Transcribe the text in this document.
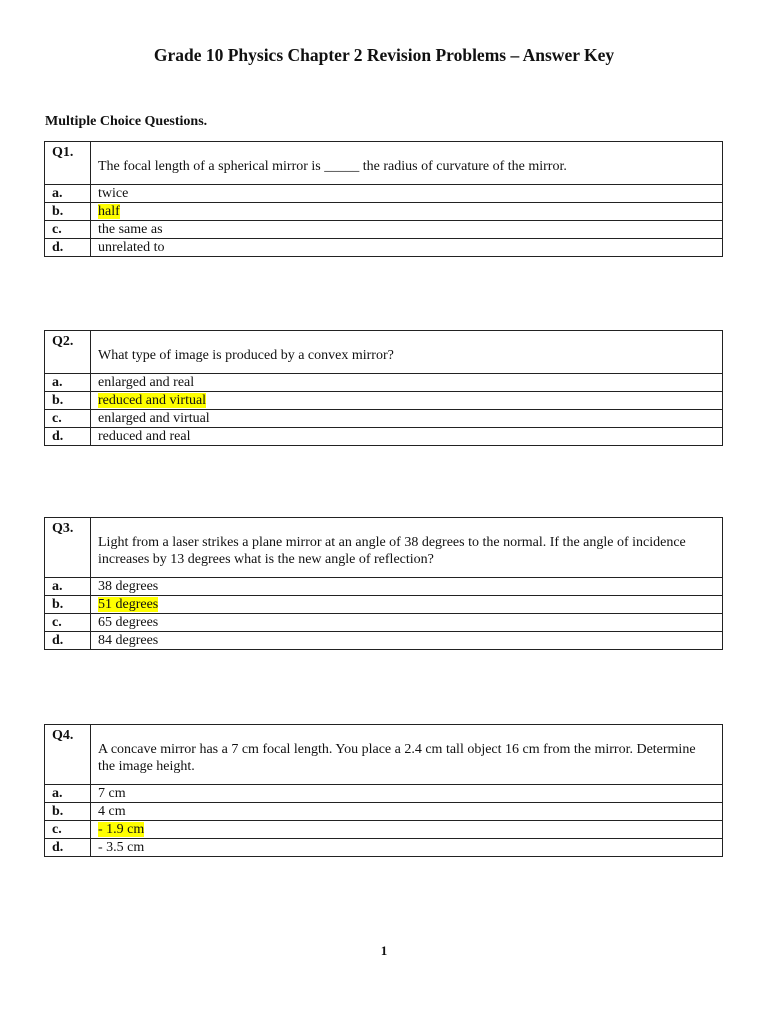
Grade 10 Physics Chapter 2 Revision Problems – Answer Key
Multiple Choice Questions.
Q1.	The focal length of a spherical mirror is _____ the radius of curvature of the mirror.
a.	twice
b.	half
c.	the same as
d.	unrelated to
Q2.	What type of image is produced by a convex mirror?
a.	enlarged and real
b.	reduced and virtual
c.	enlarged and virtual
d.	reduced and real
Q3.	Light from a laser strikes a plane mirror at an angle of 38 degrees to the normal. If the angle of incidence increases by 13 degrees what is the new angle of reflection?
a.	38 degrees
b.	51 degrees
c.	65 degrees
d.	84 degrees
Q4.	A concave mirror has a 7 cm focal length. You place a 2.4 cm tall object 16 cm from the mirror. Determine the image height.
a.	7 cm
b.	4 cm
c.	- 1.9 cm
d.	- 3.5 cm
1
